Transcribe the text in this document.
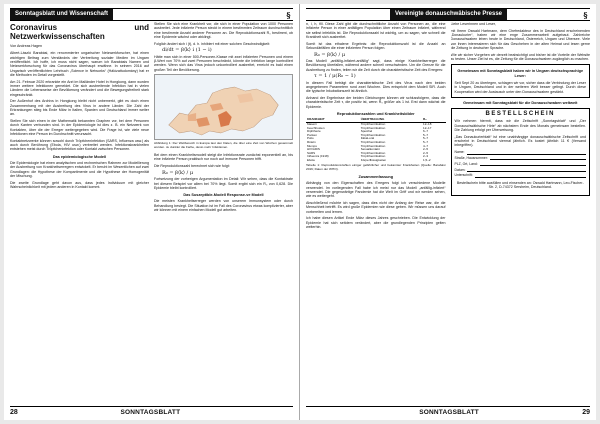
Sonntagsblatt und Wissenschaft	§
Coronavirus und Netzwerkwissenschaften
Von Andreas Hagen

Albert-László Barabási, ein renommierter ungarischer Netzwerkforscher, hat einen wichtigen Beitrag zum Verständnis der Verbreitung sozialer Medien im Ungarn veröffentlicht. Ich hoffe, ich muss nicht sagen, warum ich Barabásis Namen und Netzwerkforschung für das Coronavirus überhaupt erwähne. In seinem 2016 auf Ungarisch veröffentlichten Lehrbuch „Science in Networks“ (Hálózattudomány) hat er die Methoden im Detail vorgestellt.

Am 21. Februar 2020 erkrankte ein Arzt im Mailänder Hotel in Hongkong, dann wurden immer weitere Infektionen gemeldet. Die sich ausbreitende Infektion hat in vielen Ländern die Lebensweise der Bevölkerung verändert und die Bewegungsfreiheit stark eingeschränkt.

Der Außenhof des Archivs in Hongkong bleibt nicht unbemerkt, gibt es doch einen Zusammenhang mit der Ausbreitung des Virus in andere Länder. Die Zahl der Erkrankungen stieg bis Ende März in Italien, Spanien und Deutschland immer weiter an.

Stellen Sie sich einen in der Mathematik bekannten Graphen vor, bei dem Personen durch Kanten verbunden sind. In der Epidemiologie ist dies z. B. ein Netzwerk von Kontakten, über die der Erreger weitergegeben wird. Die Frage ist, wie viele neue Infektionen eine Person im Durchschnitt verursacht.

Kontaktnetzwerke können sowohl durch Tröpfcheninfektion (SARS, Influenza usw.) als auch durch Berührung (Ebola, HIV usw.) verbreitet werden. Infektionskrankheiten entstehen meist durch Tröpfcheninfektion oder Kontakt zwischen Personen.

Das epidemiologische Modell

Die Epidemiologie hat einen analytischen und rechnerischen Rahmen zur Modellierung der Ausbreitung von Krankheitserregern entwickelt. Er beruht im Wesentlichen auf zwei Grundlagen: die Hypothese der Kompartimente und die Hypothese der Homogenität der Mischung.

Die zweite Grundlage geht davon aus, dass jedes Individuum mit gleicher Wahrscheinlichkeit mit jedem anderen in Kontakt kommt.

Stellen Sie sich eine Krankheit vor, die sich in einer Population von 1000 Personen ausbreitet. Jede infizierte Person steckt in einem bestimmten Zeitraum durchschnittlich eine bestimmte Anzahl anderer Personen an. Die Reproduktionszahl R₀ bestimmt, ob eine Epidemie wächst oder abklingt.

Folglich ändert sich i (t), d. h. inhibiert mit einer solchen Geschwindigkeit:

di/dt = β⟨k⟩ i (1 − i)

Hätte man sich in einer 500-Personen-Klasse mit zwei infizierten Personen und einem β-Wert von 70% auf zwei Personen beschränkt, könnte die Infektion lange kontrolliert werden. Wenn sich das Virus jedoch unkontrolliert ausbreitet, erreicht es bald einen großen Teil der Bevölkerung.

Abbildung 1: Der Weltbereich in Europa laut den Daten, die über eine Zeit von Wochen gesammelt wurden. Je dunkler die Farbe, desto mehr Infektionen.

Bei dem einen Krankheitsmodell steigt die Infektionsrate zunächst exponentiell an, bis eine infizierte Person praktisch nur noch auf immune Personen trifft.

Die Reproduktionszahl berechnet sich wie folgt:

R₀ = β⟨k⟩ / μ

Fortsetzung der vorherigen Argumentation im Detail: Wir sehen, dass die Kontaktrate bei diesem Beispiel vor allem bei 70% liegt. Somit ergibt sich ein R₀ von 0,628. Die Epidemie bleibt kontrolliert.

Das Suszeptible-Modell Response-ve Modell

Die meisten Krankheitserreger werden von unserem Immunsystem oder durch Behandlung besiegt. Die Situation ist im Fall des Coronavirus etwas komplizierter, aber wir können mit einem einfachen Modell gut arbeiten.

28	SONNTAGSBLATT
Vereinigte donauschwäbische Presse	§

n, i, h, fill. Diese Zahl gibt die durchschnittliche Anzahl von Personen an, die eine infizierte Person in einer anfälligen Population über einen Zeitraum infiziert, während sie selbst infektiös ist. Die Reproduktionszahl ist wichtig, um zu sagen, wie schnell die Krankheit sich ausbreitet.

Somit ist das ethalene Ergebnis: die Reproduktionszahl ist die Anzahl an Sekundärfällen die einer infizierten Person folgen.

R₀ = β⟨k⟩ / μ

Das Modell „anfällig-infiziert-anfällig“ sagt, dass einige Krankheitserreger die Bevölkerung überfallen, während andere schnell verschwinden. Um die Grenze für die Ausbreitung zu finden, teilen wir die Zeit durch die charakteristische Zeit des Erregers:

τ = 1 / μ(R₀ − 1)

In diesem Fall beträgt die charakteristische Zeit des Virus nach den beiden angegebenen Parametern rund zwei Wochen. Dies entspricht dem Modell SIR. Auch die typische Inkubationszeit ist ähnlich.

Anhand der Ergebnisse der beiden Gleichungen können wir schlussfolgern, dass die charakteristische Zeit τ, die positiv ist, wenn R₀ größer als 1 ist. Erst dann wächst die Epidemie.

Reproduktionszahlen und Krankheitsbilder
KRANKHEIT	ÜBERTRAGUNG	R₀
Masern	Tröpfcheninfektion	12–18
Keuchhusten	Tröpfcheninfektion	12–17
Diphtherie	Speichel	6–7
Pocken	Tröpfcheninfektion	5–7
Polio	Fäkal-oral	5–7
Röteln	Tröpfcheninfektion	5–7
Mumps	Tröpfcheninfektion	4–7
HIV/AIDS	Sexualkontakt	2–5
SARS	Tröpfcheninfektion	2–5
Influenza (1918)	Tröpfcheninfektion	2–3
Ebola	Körperflüssigkeiten	1,5–2
Tabelle 1: Reproduktionszahlen einiger gefährlicher und bekannter Krankheiten (Quelle: Barabási 2016; Daten der WHO).
Zusammenfassung

Abhängig von den Eigenschaften des Erregers folgt ich verschiedene Modelle verwendet. Im vorliegenden Fall habe ich meist nur das Modell „anfällig-infiziert“ verwendet. Die gegenwärtige Pandemie hat die Welt im Griff und wir werden sehen, wie es weitergeht.

Abschließend möchte ich sagen, dass dies nicht der Anfang der Reise war, die die Menschheit betrifft. Es wird große Epidemien wie diese geben. Wir müssen uns darauf vorbereiten und lernen.

Ich habe diesen Artikel Ende März dieses Jahres geschrieben. Die Entwicklung der Epidemie hat sich seitdem verändert, aber die grundlegenden Prinzipien gelten weiterhin.

Liebe Leserinnen und Leser,

mit Ihrem Oswald Hartmann, dem Chefredakteur des in Deutschland erscheinenden „Donaukurier“, haben wir eine enge Zusammenarbeit aufgebaut. Zahlreiche Donauschwaben leben heute in Deutschland, Österreich, Ungarn und Übersee. Viele von ihnen interessieren sich für das Geschehen in der alten Heimat und lesen gerne die Zeitung in deutscher Sprache.

Wie wir sicher Vorgehen wir derzeit beabsichtigt und bisher ist die Vorteile der Website zu testen. Unser Ziel ist es, die Zeitung für die Donauschwaben zugänglich zu machen.

Gemeinsam mit Sonntagsblatt haben wir in Ungarn deutschsprachige Leser:

Seit Sept 20 zu überlegen, schlagen wir vor, sicher dass die Verbindung der Leser in Ungarn, Deutschland und in der weiteren Welt besser gelingt. Durch diese Kooperation wird der Austausch unter den Donauschwaben gestärkt.

Gemeinsam mit Sonntagsblatt für die Donauschwaben weltweit
BESTELLSCHEIN

Wir nehmen hiermit, dass wir die Zeitschrift „Sonntagsblatt“ und „Der Donauschwäbische Hirte“ ab nächstem Ende des Monats gemeinsam bestellen. Die Zahlung erfolgt per Überweisung.

„Das Donaukurierblatt“ ist eine unabhängige donauschwäbische Zeitschrift und erscheint in Deutschland viermal jährlich. Es kostet jährlich 11 € (Versand inbegriffen).

Name:
Straße, Hausnummer:
PLZ, Ort, Land:
Datum:
Unterschrift:

Bestellschein bitte ausfüllen und einsenden an: Oswald Hartmann, Leo-Fischer-Str. 2, D-74372 Sersheim, Deutschland.

SONNTAGSBLATT	29
